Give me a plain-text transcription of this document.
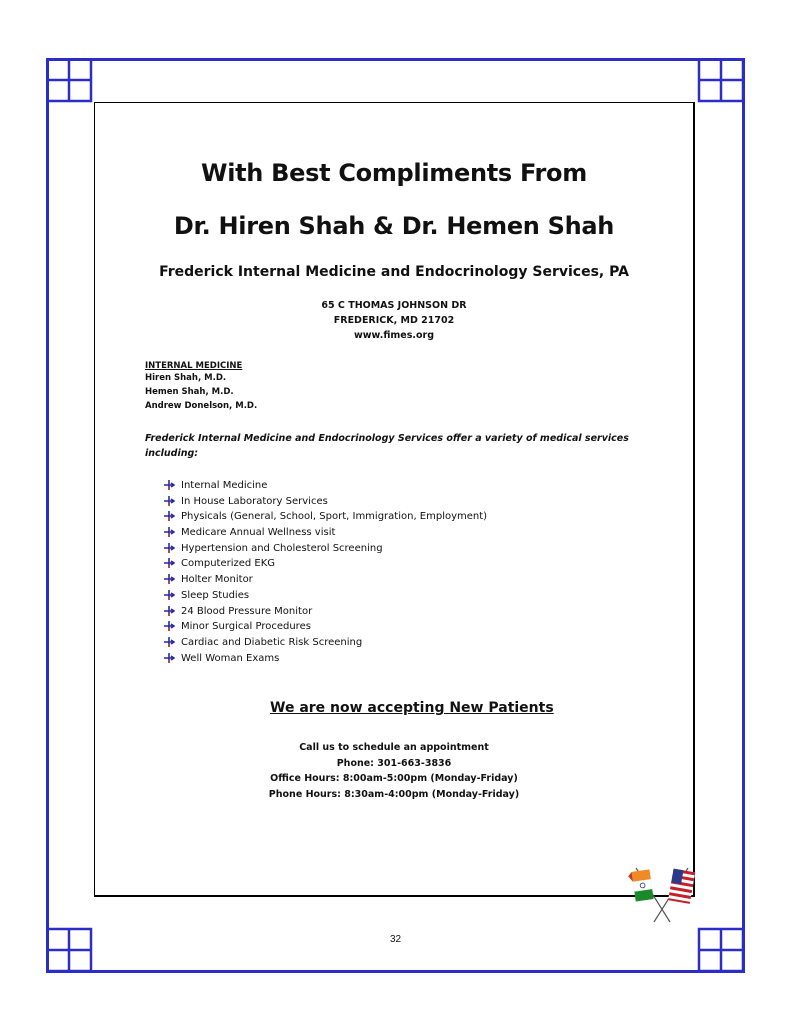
With Best Compliments From
Dr. Hiren Shah & Dr. Hemen Shah
Frederick Internal Medicine and Endocrinology Services, PA
65 C THOMAS JOHNSON DR
FREDERICK, MD 21702
www.fimes.org
INTERNAL MEDICINE
Hiren Shah, M.D.
Hemen Shah, M.D.
Andrew Donelson, M.D.
Frederick Internal Medicine and Endocrinology Services offer a variety of medical services including:
Internal Medicine
In House Laboratory Services
Physicals (General, School, Sport, Immigration, Employment)
Medicare Annual Wellness visit
Hypertension and Cholesterol Screening
Computerized EKG
Holter Monitor
Sleep Studies
24 Blood Pressure Monitor
Minor Surgical Procedures
Cardiac and Diabetic Risk Screening
Well Woman Exams
We are now accepting New Patients
Call us to schedule an appointment
Phone: 301-663-3836
Office Hours: 8:00am-5:00pm (Monday-Friday)
Phone Hours: 8:30am-4:00pm (Monday-Friday)
32
